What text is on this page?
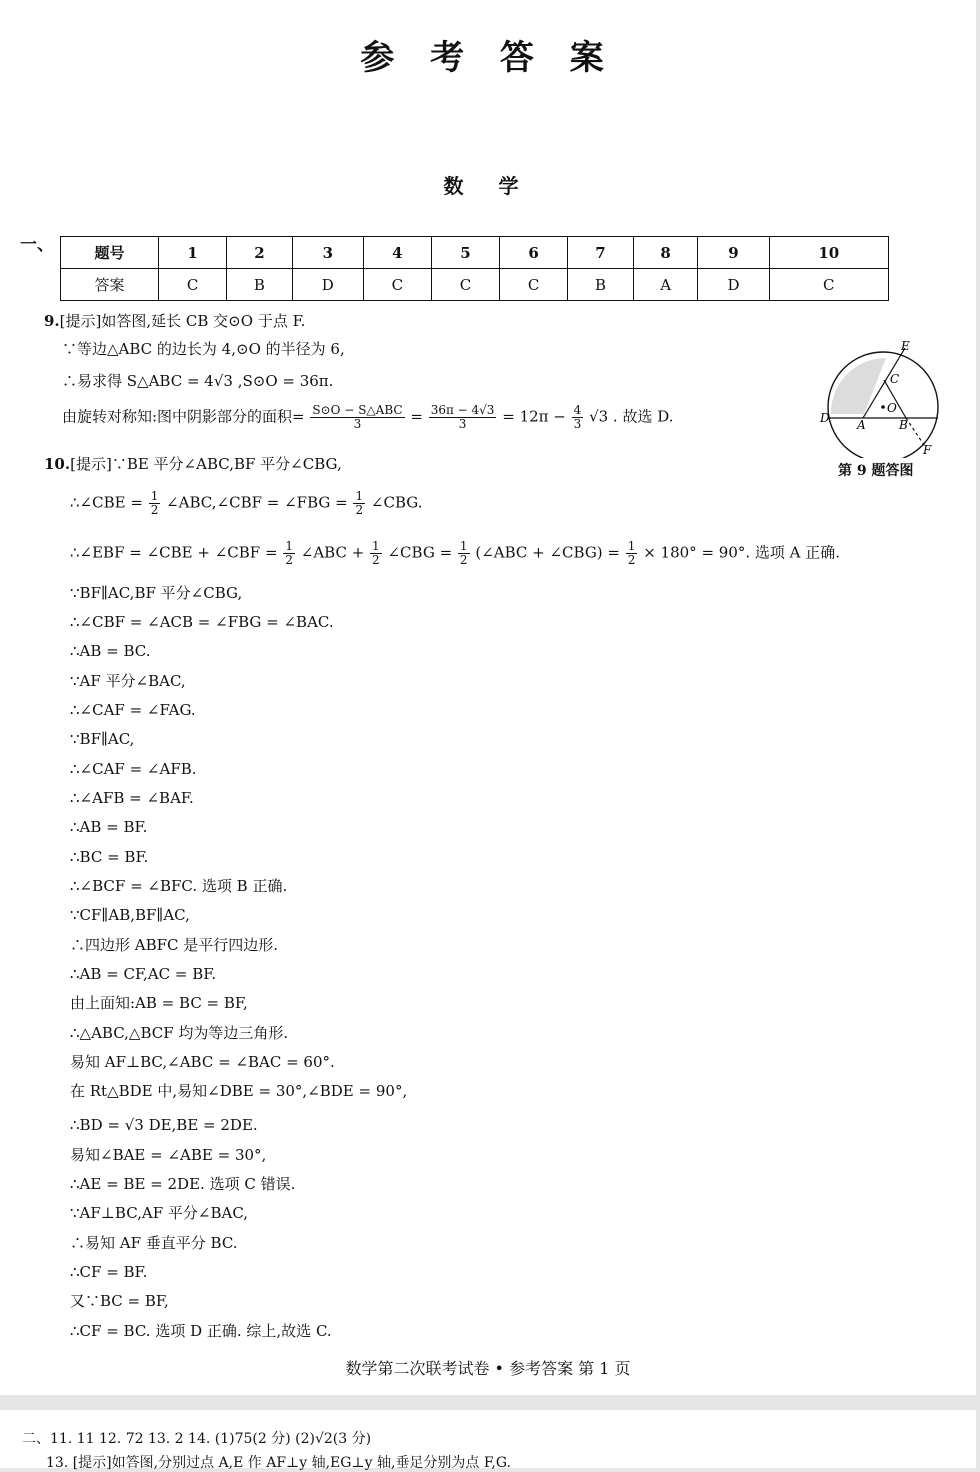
参 考 答 案
数 学
一、	题号	1	2	3	4	5	6	7	8	9	10
答案	C	B	D	C	C	C	B	A	D	C
9.[提示]如答图,延长 CB 交⊙O 于点 F.
∵等边△ABC 的边长为 4,⊙O 的半径为 6,
∴易求得 S△ABC = 4√3 ,S⊙O = 36π.
由旋转对称知:图中阴影部分的面积= $\frac{\text{S⊙O − S△ABC}}{3} = \frac{36\pi - 4√3}{3} = 12\pi - \frac{4}{3} √3$ . 故选 D.
E
C
O
D A	B
F
第 9 题答图
10.[提示]∵BE 平分∠ABC,BF 平分∠CBG,
∴∠CBE = $\frac{1}{2}$ ∠ABC,∠CBF = ∠FBG = $\frac{1}{2}$ ∠CBG.
∴∠EBF = ∠CBE + ∠CBF = $\frac{1}{2}$ ∠ABC + $\frac{1}{2}$ ∠CBG = $\frac{1}{2}$ (∠ABC + ∠CBG) = $\frac{1}{2} \times 180^\circ = 90^\circ$. 选项 A 正确.
∵BF∥AC,BF 平分∠CBG,
∴∠CBF = ∠ACB = ∠FBG = ∠BAC.
∴AB = BC.
∵AF 平分∠BAC,
∴∠CAF = ∠FAG.
∵BF∥AC,
∴∠CAF = ∠AFB.
∴∠AFB = ∠BAF.
∴AB = BF.
∴BC = BF.
∴∠BCF = ∠BFC. 选项 B 正确.
∵CF∥AB,BF∥AC,
∴四边形 ABFC 是平行四边形.
∴AB = CF,AC = BF.
由上面知:AB = BC = BF,
∴△ABC,△BCF 均为等边三角形.
易知 AF⊥BC,∠ABC = ∠BAC = 60°.
在 Rt△BDE 中,易知∠DBE = 30°,∠BDE = 90°,
∴BD = √3 DE,BE = 2DE.
易知∠BAE = ∠ABE = 30°,
∴AE = BE = 2DE. 选项 C 错误.
∵AF⊥BC,AF 平分∠BAC,
∴易知 AF 垂直平分 BC.
∴CF = BF.
又∵BC = BF,
∴CF = BC. 选项 D 正确. 综上,故选 C.
数学第二次联考试卷 • 参考答案 第 1 页
二、11. 11 12. 72 13. 2 14. (1)75(2 分) (2)√2(3 分)
13. [提示]如答图,分别过点 A,E 作 AF⊥y 轴,EG⊥y 轴,垂足分别为点 F,G.
